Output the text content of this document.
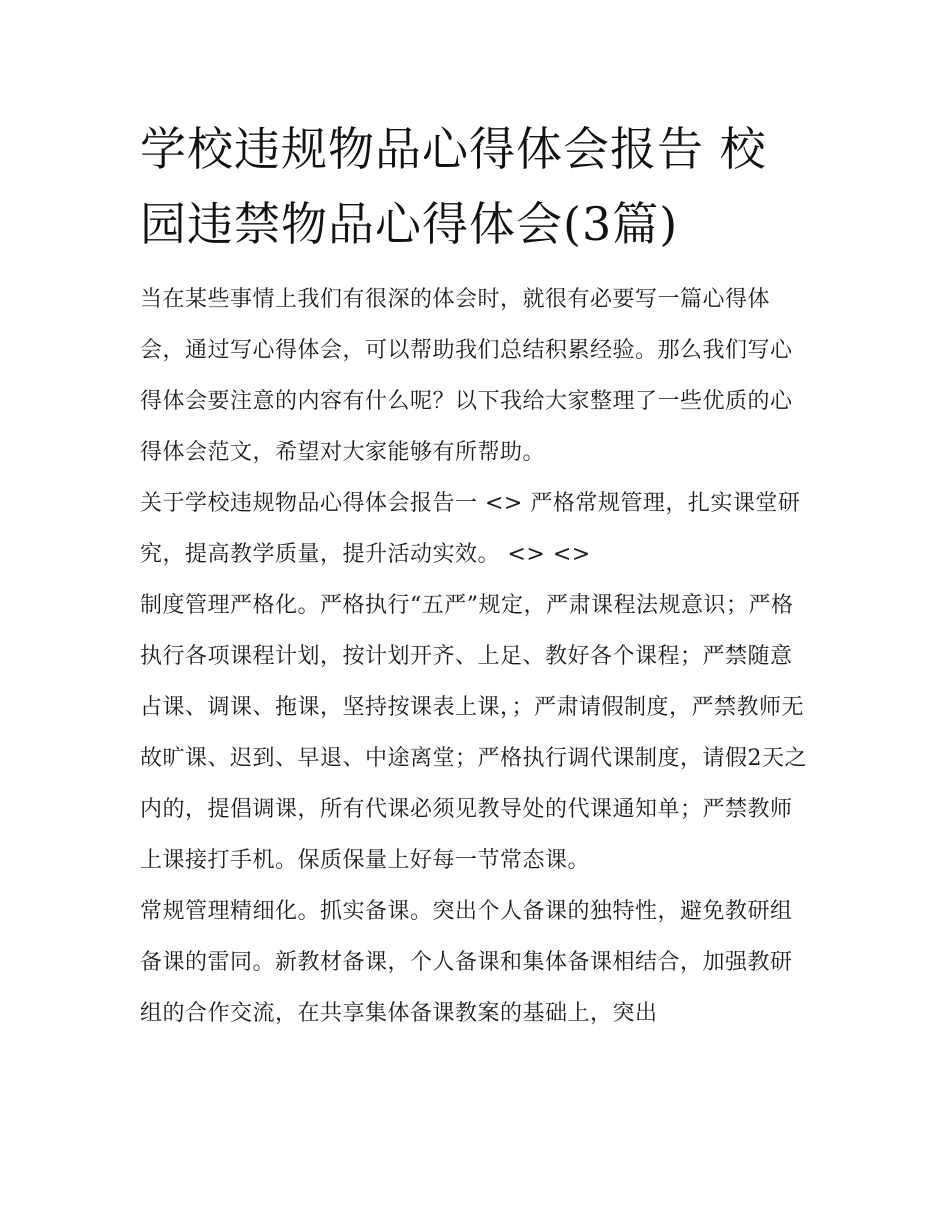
学校违规物品心得体会报告 校园违禁物品心得体会(3篇)

当在某些事情上我们有很深的体会时，就很有必要写一篇心得体会，通过写心得体会，可以帮助我们总结积累经验。那么我们写心得体会要注意的内容有什么呢？以下我给大家整理了一些优质的心得体会范文，希望对大家能够有所帮助。

关于学校违规物品心得体会报告一 <> 严格常规管理，扎实课堂研究，提高教学质量，提升活动实效。 <> <>

制度管理严格化。严格执行“五严”规定，严肃课程法规意识；严格执行各项课程计划，按计划开齐、上足、教好各个课程；严禁随意占课、调课、拖课，坚持按课表上课，；严肃请假制度，严禁教师无故旷课、迟到、早退、中途离堂；严格执行调代课制度，请假2天之内的，提倡调课，所有代课必须见教导处的代课通知单；严禁教师上课接打手机。保质保量上好每一节常态课。

常规管理精细化。抓实备课。突出个人备课的独特性，避免教研组备课的雷同。新教材备课，个人备课和集体备课相结合，加强教研组的合作交流，在共享集体备课教案的基础上，突出
